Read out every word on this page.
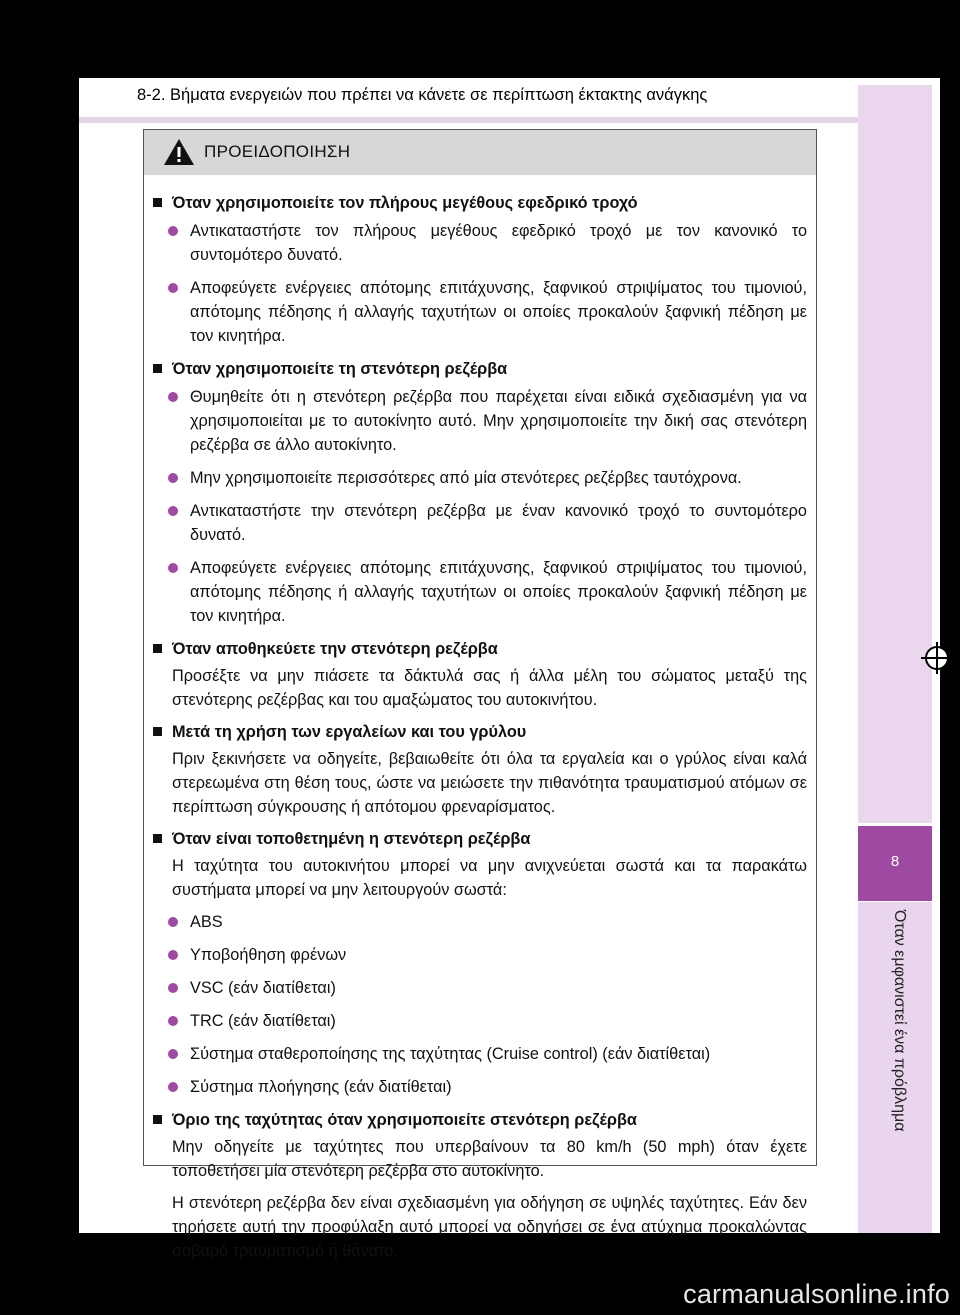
8-2. Βήματα ενεργειών που πρέπει να κάνετε σε περίπτωση έκτακτης ανάγκης
8
Όταν εμφανιστεί ένα πρόβλημα
ΠΡΟΕΙΔΟΠΟΙΗΣΗ
Όταν χρησιμοποιείτε τον πλήρους μεγέθους εφεδρικό τροχό
Αντικαταστήστε τον πλήρους μεγέθους εφεδρικό τροχό με τον κανονικό το συντομότερο δυνατό.
Αποφεύγετε ενέργειες απότομης επιτάχυνσης, ξαφνικού στριψίματος του τιμονιού, απότομης πέδησης ή αλλαγής ταχυτήτων οι οποίες προκαλούν ξαφνική πέδηση με τον κινητήρα.
Όταν χρησιμοποιείτε τη στενότερη ρεζέρβα
Θυμηθείτε ότι η στενότερη ρεζέρβα που παρέχεται είναι ειδικά σχεδιασμένη για να χρησιμοποιείται με το αυτοκίνητο αυτό. Μην χρησιμοποιείτε την δική σας στενότερη ρεζέρβα σε άλλο αυτοκίνητο.
Μην χρησιμοποιείτε περισσότερες από μία στενότερες ρεζέρβες ταυτόχρονα.
Αντικαταστήστε την στενότερη ρεζέρβα με έναν κανονικό τροχό το συντομότερο δυνατό.
Αποφεύγετε ενέργειες απότομης επιτάχυνσης, ξαφνικού στριψίματος του τιμονιού, απότομης πέδησης ή αλλαγής ταχυτήτων οι οποίες προκαλούν ξαφνική πέδηση με τον κινητήρα.
Όταν αποθηκεύετε την στενότερη ρεζέρβα
Προσέξτε να μην πιάσετε τα δάκτυλά σας ή άλλα μέλη του σώματος μεταξύ της στενότερης ρεζέρβας και του αμαξώματος του αυτοκινήτου.
Μετά τη χρήση των εργαλείων και του γρύλου
Πριν ξεκινήσετε να οδηγείτε, βεβαιωθείτε ότι όλα τα εργαλεία και ο γρύλος είναι καλά στερεωμένα στη θέση τους, ώστε να μειώσετε την πιθανότητα τραυματισμού ατόμων σε περίπτωση σύγκρουσης ή απότομου φρεναρίσματος.
Όταν είναι τοποθετημένη η στενότερη ρεζέρβα
Η ταχύτητα του αυτοκινήτου μπορεί να μην ανιχνεύεται σωστά και τα παρακάτω συστήματα μπορεί να μην λειτουργούν σωστά:
ABS
Υποβοήθηση φρένων
VSC (εάν διατίθεται)
TRC (εάν διατίθεται)
Σύστημα σταθεροποίησης της ταχύτητας (Cruise control) (εάν διατίθεται)
Σύστημα πλοήγησης (εάν διατίθεται)
Όριο της ταχύτητας όταν χρησιμοποιείτε στενότερη ρεζέρβα
Μην οδηγείτε με ταχύτητες που υπερβαίνουν τα 80 km/h (50 mph) όταν έχετε τοποθετήσει μία στενότερη ρεζέρβα στο αυτοκίνητο.
Η στενότερη ρεζέρβα δεν είναι σχεδιασμένη για οδήγηση σε υψηλές ταχύτητες. Εάν δεν τηρήσετε αυτή την προφύλαξη αυτό μπορεί να οδηγήσει σε ένα ατύχημα προκαλώντας σοβαρό τραυματισμό ή θάνατο.
carmanualsonline.info
